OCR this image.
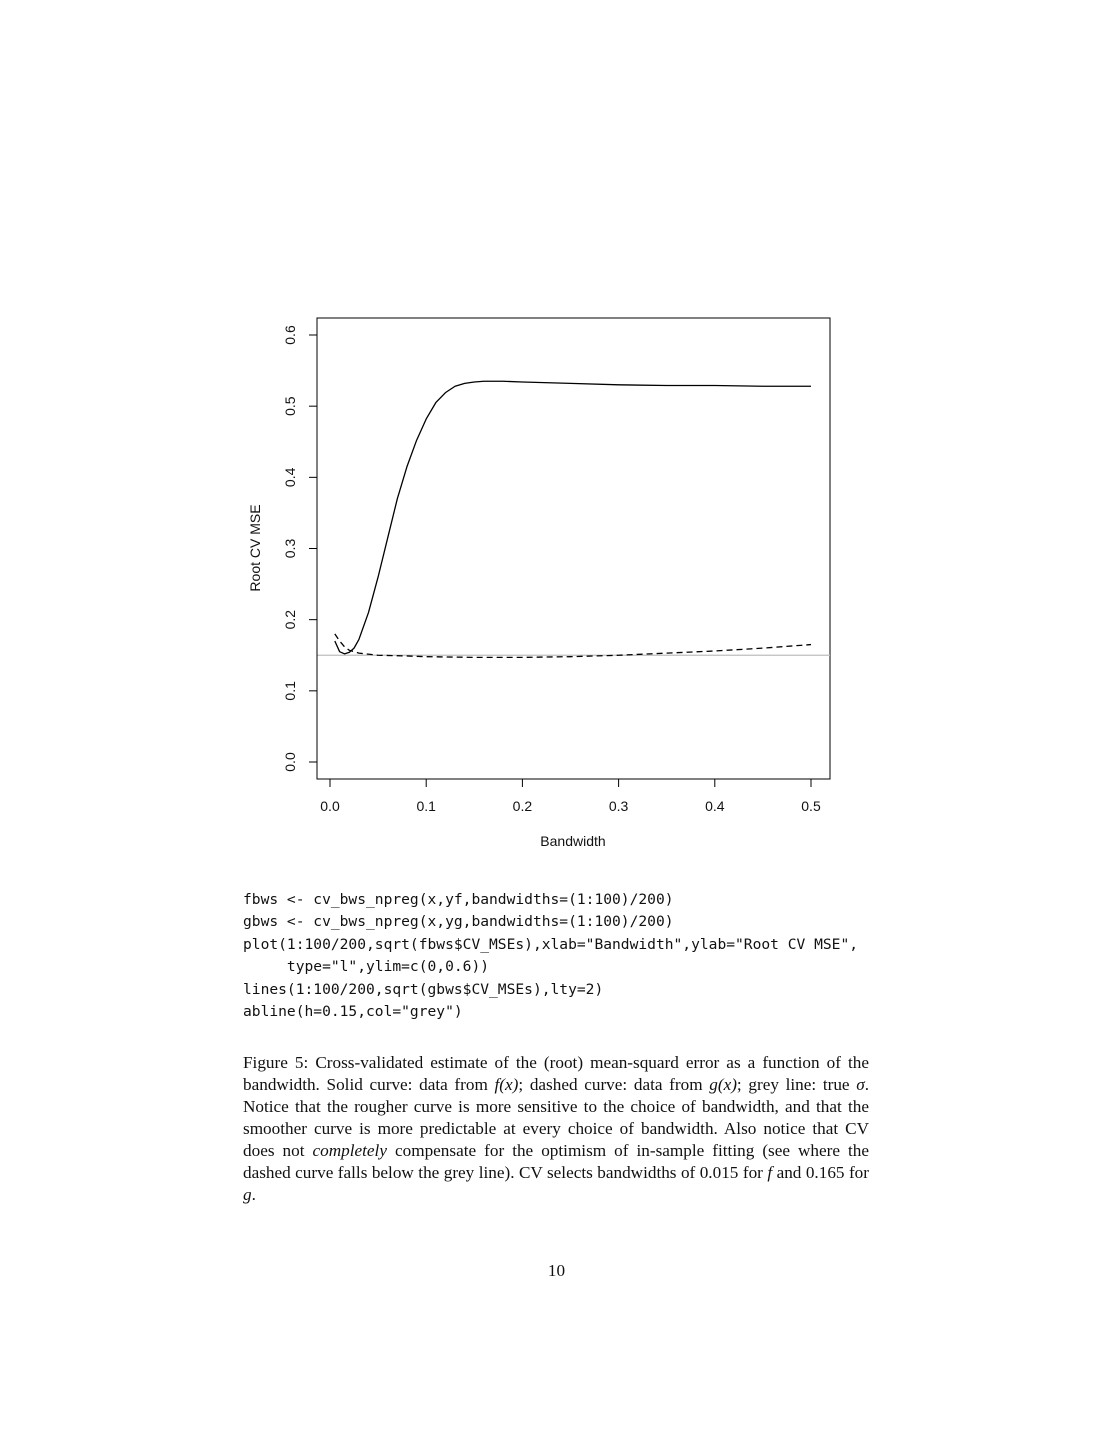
0.0	0.1	0.2	0.3	0.4	0.5
0.0
0.1
0.2
0.3
0.4
0.5
0.6
Bandwidth
Root CV MSE
fbws <- cv_bws_npreg(x,yf,bandwidths=(1:100)/200)
gbws <- cv_bws_npreg(x,yg,bandwidths=(1:100)/200)
plot(1:100/200,sqrt(fbws$CV_MSEs),xlab="Bandwidth",ylab="Root CV MSE",
type="l",ylim=c(0,0.6))
lines(1:100/200,sqrt(gbws$CV_MSEs),lty=2)
abline(h=0.15,col="grey")
Figure 5: Cross-validated estimate of the (root) mean-squard error as a function of the bandwidth. Solid curve: data from f(x); dashed curve: data from g(x); grey line: true σ. Notice that the rougher curve is more sensitive to the choice of bandwidth, and that the smoother curve is more predictable at every choice of bandwidth. Also notice that CV does not completely compensate for the optimism of in-sample fitting (see where the dashed curve falls below the grey line). CV selects bandwidths of 0.015 for f and 0.165 for g.
10
